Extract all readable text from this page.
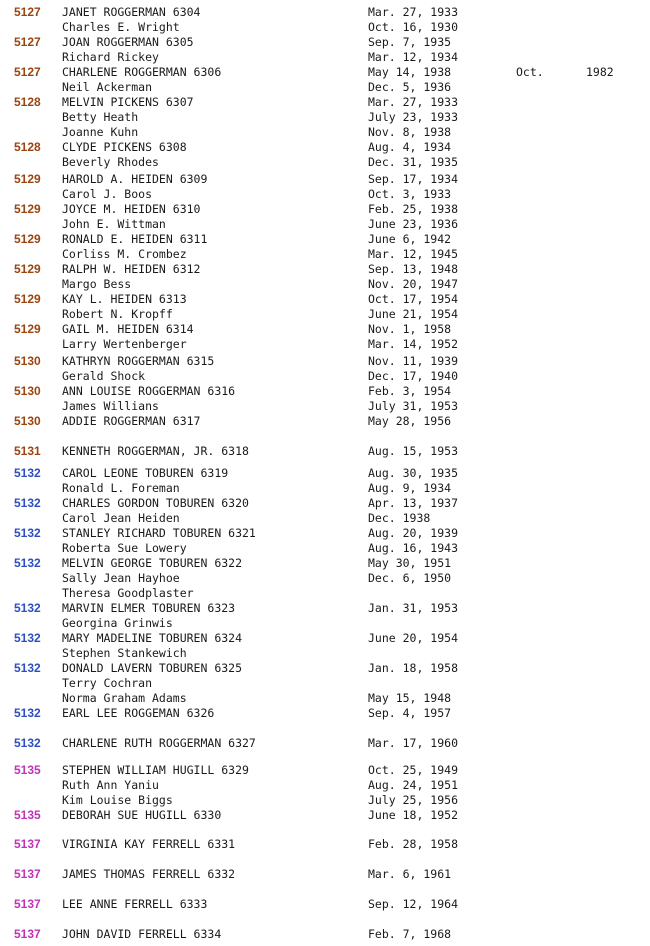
5127 JANET ROGGERMAN 6304	Mar. 27, 1933
Charles E. Wright	Oct. 16, 1930
5127 JOAN ROGGERMAN 6305	Sep. 7, 1935
Richard Rickey	Mar. 12, 1934
5127 CHARLENE ROGGERMAN 6306	May 14, 1938	Oct.	1982
Neil Ackerman	Dec. 5, 1936
5128 MELVIN PICKENS 6307	Mar. 27, 1933
Betty Heath	July 23, 1933
Joanne Kuhn	Nov. 8, 1938
5128 CLYDE PICKENS 6308	Aug. 4, 1934
Beverly Rhodes	Dec. 31, 1935
5129 HAROLD A. HEIDEN 6309	Sep. 17, 1934
Carol J. Boos	Oct. 3, 1933
5129 JOYCE M. HEIDEN 6310	Feb. 25, 1938
John E. Wittman	June 23, 1936
5129 RONALD E. HEIDEN 6311	June 6, 1942
Corliss M. Crombez	Mar. 12, 1945
5129 RALPH W. HEIDEN 6312	Sep. 13, 1948
Margo Bess	Nov. 20, 1947
5129 KAY L. HEIDEN 6313	Oct. 17, 1954
Robert N. Kropff	June 21, 1954
5129 GAIL M. HEIDEN 6314	Nov. 1, 1958
Larry Wertenberger	Mar. 14, 1952
5130 KATHRYN ROGGERMAN 6315	Nov. 11, 1939
Gerald Shock	Dec. 17, 1940
5130 ANN LOUISE ROGGERMAN 6316	Feb. 3, 1954
James Willians	July 31, 1953
5130 ADDIE ROGGERMAN 6317	May 28, 1956
5131 KENNETH ROGGERMAN, JR. 6318	Aug. 15, 1953
5132 CAROL LEONE TOBUREN 6319	Aug. 30, 1935
Ronald L. Foreman	Aug. 9, 1934
5132 CHARLES GORDON TOBUREN 6320	Apr. 13, 1937
Carol Jean Heiden	Dec. 1938
5132 STANLEY RICHARD TOBUREN 6321	Aug. 20, 1939
Roberta Sue Lowery	Aug. 16, 1943
5132 MELVIN GEORGE TOBUREN 6322	May 30, 1951
Sally Jean Hayhoe	Dec. 6, 1950
Theresa Goodplaster
5132 MARVIN ELMER TOBUREN 6323	Jan. 31, 1953
Georgina Grinwis
5132 MARY MADELINE TOBUREN 6324	June 20, 1954
Stephen Stankewich
5132 DONALD LAVERN TOBUREN 6325	Jan. 18, 1958
Terry Cochran
Norma Graham Adams	May 15, 1948
5132 EARL LEE ROGGEMAN 6326	Sep. 4, 1957
5132 CHARLENE RUTH ROGGERMAN 6327	Mar. 17, 1960
5135 STEPHEN WILLIAM HUGILL 6329	Oct. 25, 1949
Ruth Ann Yaniu	Aug. 24, 1951
Kim Louise Biggs	July 25, 1956
5135 DEBORAH SUE HUGILL 6330	June 18, 1952
5137 VIRGINIA KAY FERRELL 6331	Feb. 28, 1958
5137 JAMES THOMAS FERRELL 6332	Mar. 6, 1961
5137 LEE ANNE FERRELL 6333	Sep. 12, 1964
5137 JOHN DAVID FERRELL 6334	Feb. 7, 1968
